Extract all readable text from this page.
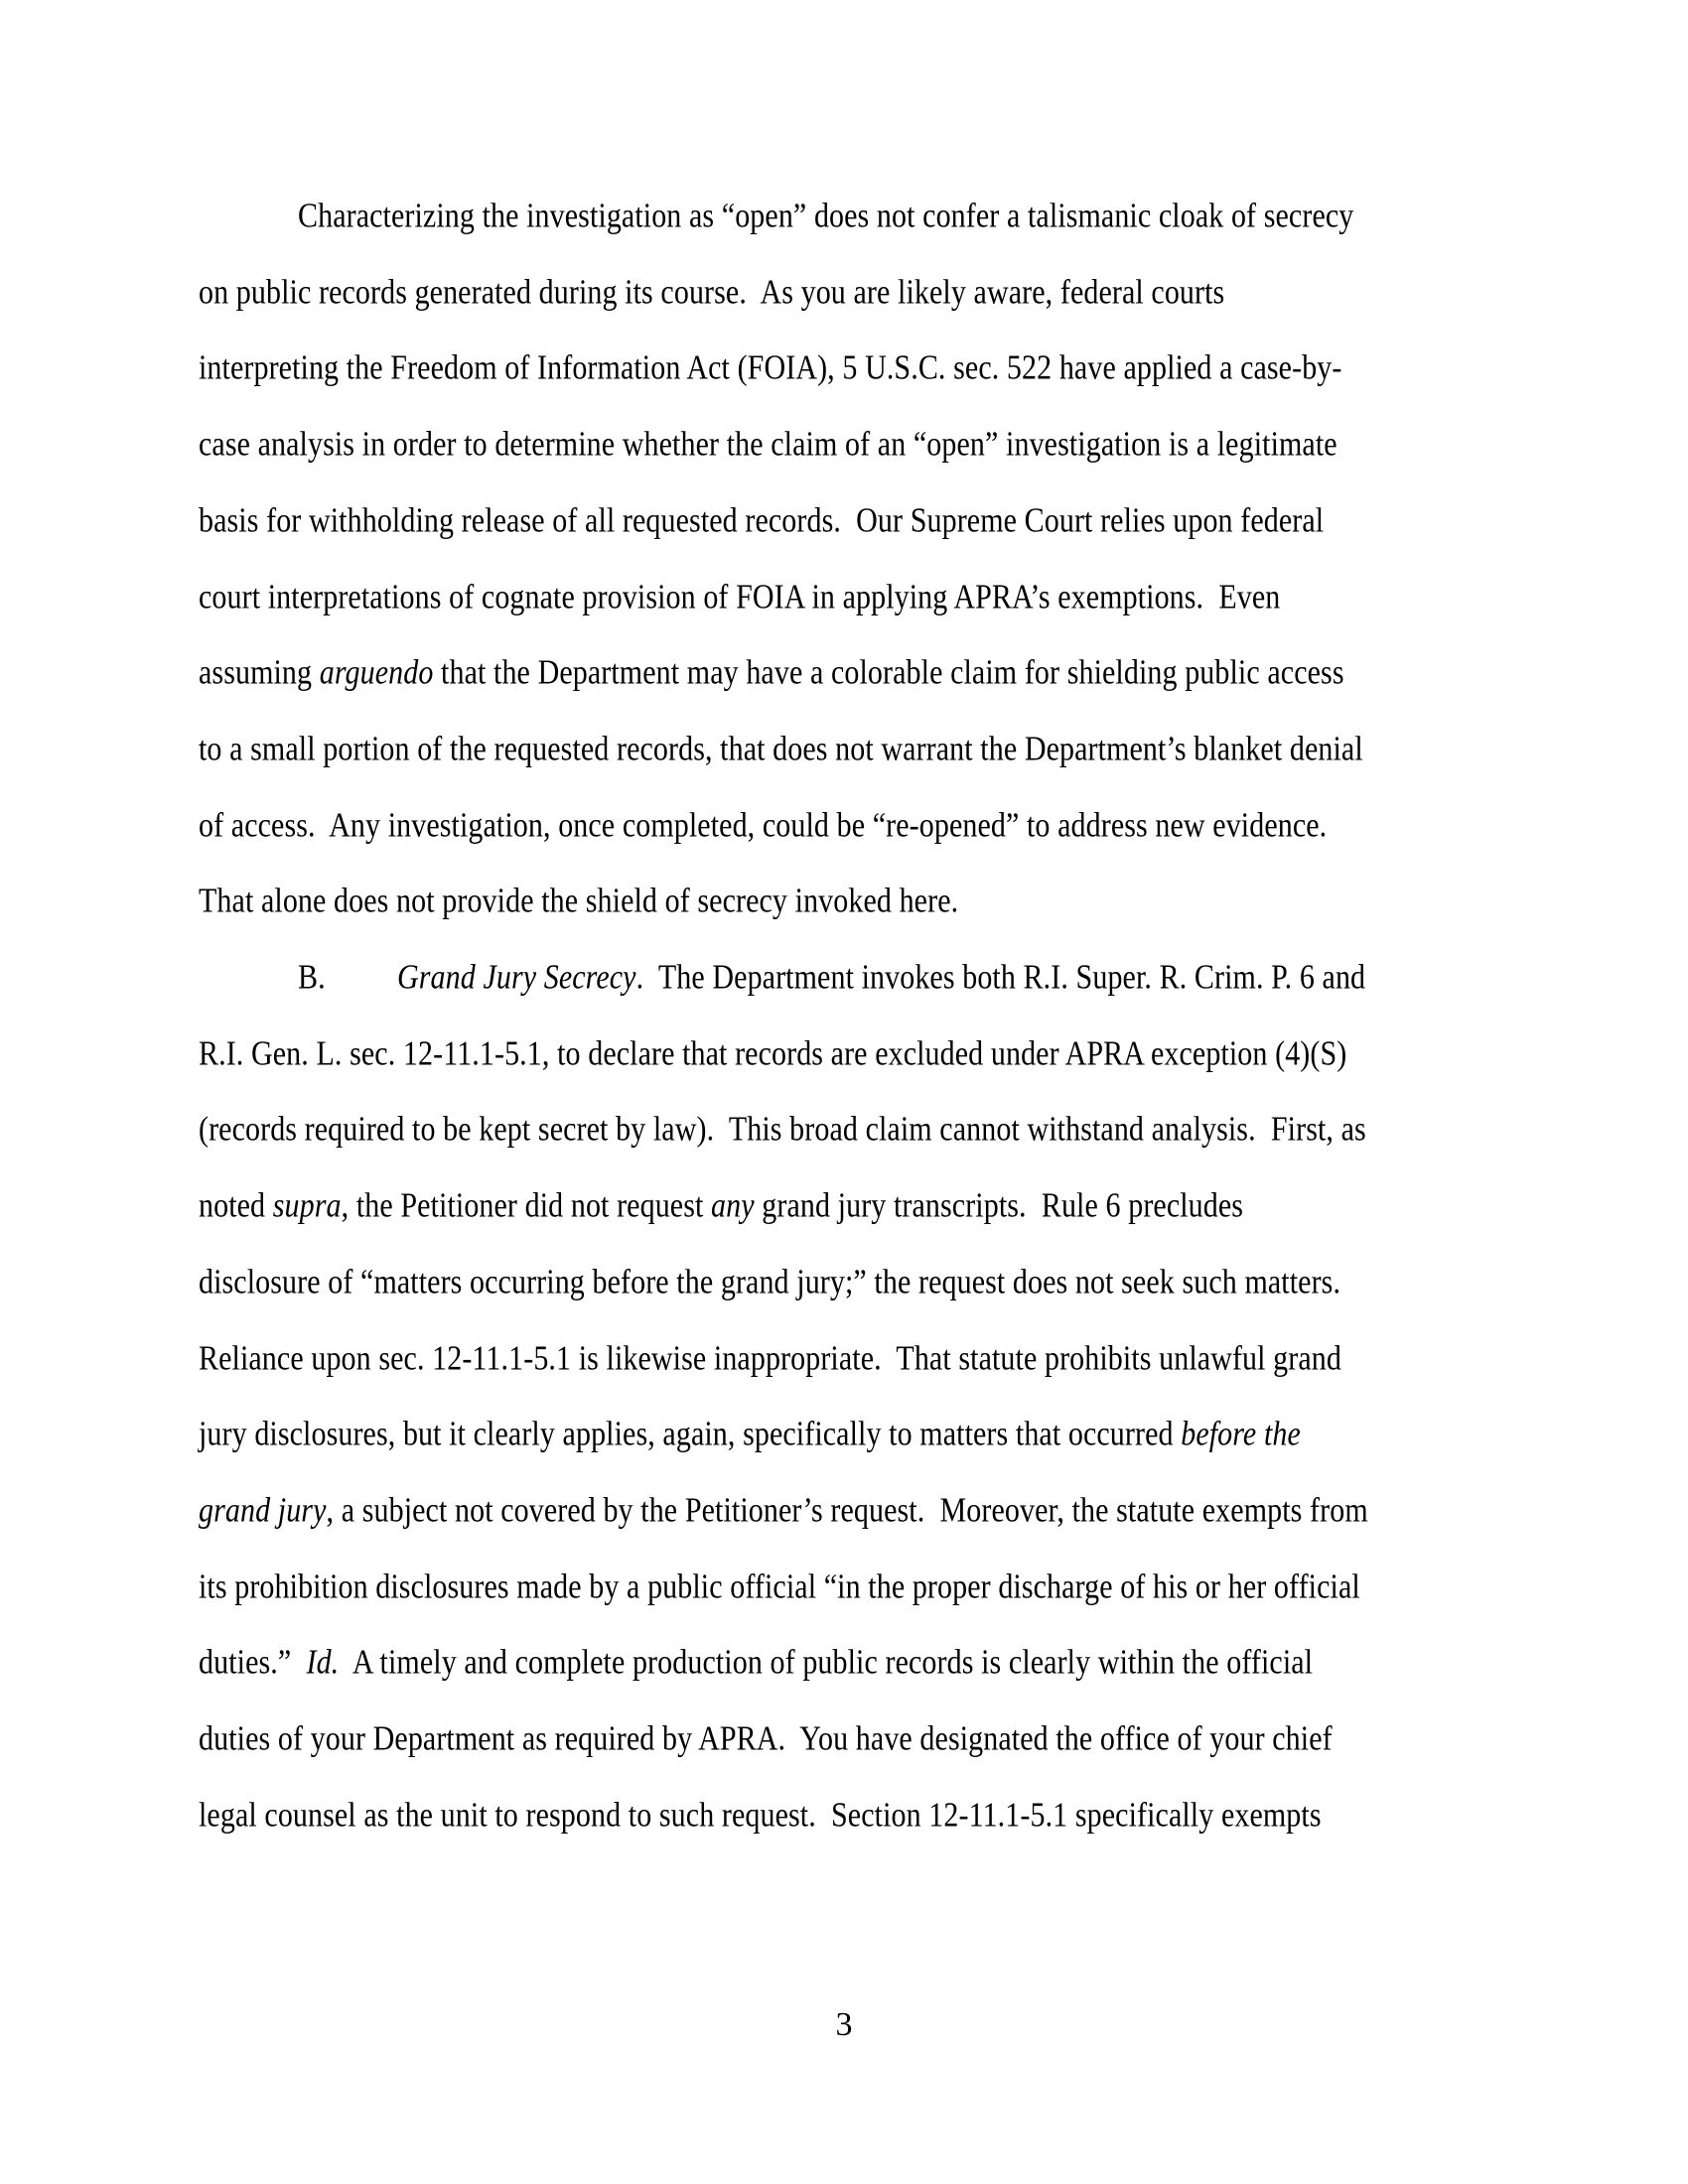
	Characterizing the investigation as “open” does not confer a talismanic cloak of secrecy
on public records generated during its course.  As you are likely aware, federal courts
interpreting the Freedom of Information Act (FOIA), 5 U.S.C. sec. 522 have applied a case-by-
case analysis in order to determine whether the claim of an “open” investigation is a legitimate
basis for withholding release of all requested records.  Our Supreme Court relies upon federal
court interpretations of cognate provision of FOIA in applying APRA’s exemptions.  Even
assuming arguendo that the Department may have a colorable claim for shielding public access
to a small portion of the requested records, that does not warrant the Department’s blanket denial
of access.  Any investigation, once completed, could be “re-opened” to address new evidence.
That alone does not provide the shield of secrecy invoked here.
	B.	Grand Jury Secrecy.  The Department invokes both R.I. Super. R. Crim. P. 6 and
R.I. Gen. L. sec. 12-11.1-5.1, to declare that records are excluded under APRA exception (4)(S)
(records required to be kept secret by law).  This broad claim cannot withstand analysis.  First, as
noted supra, the Petitioner did not request any grand jury transcripts.  Rule 6 precludes
disclosure of “matters occurring before the grand jury;” the request does not seek such matters.
Reliance upon sec. 12-11.1-5.1 is likewise inappropriate.  That statute prohibits unlawful grand
jury disclosures, but it clearly applies, again, specifically to matters that occurred before the
grand jury, a subject not covered by the Petitioner’s request.  Moreover, the statute exempts from
its prohibition disclosures made by a public official “in the proper discharge of his or her official
duties.”  Id.  A timely and complete production of public records is clearly within the official
duties of your Department as required by APRA.  You have designated the office of your chief
legal counsel as the unit to respond to such request.  Section 12-11.1-5.1 specifically exempts
3
